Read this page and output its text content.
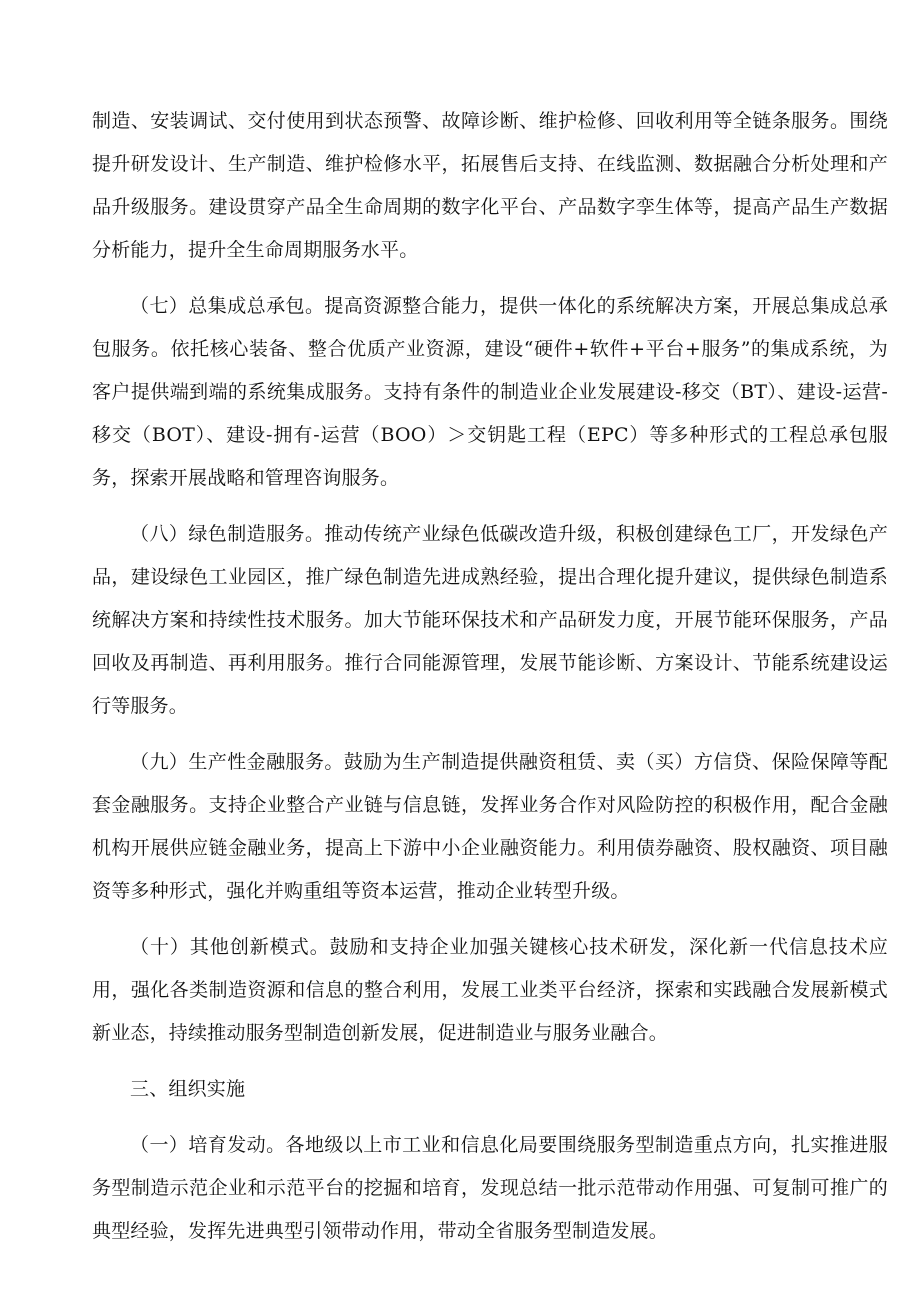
制造、安装调试、交付使用到状态预警、故障诊断、维护检修、回收利用等全链条服务。围绕提升研发设计、生产制造、维护检修水平，拓展售后支持、在线监测、数据融合分析处理和产品升级服务。建设贯穿产品全生命周期的数字化平台、产品数字孪生体等，提高产品生产数据分析能力，提升全生命周期服务水平。

（七）总集成总承包。提高资源整合能力，提供一体化的系统解决方案，开展总集成总承包服务。依托核心装备、整合优质产业资源，建设“硬件+软件+平台+服务”的集成系统，为客户提供端到端的系统集成服务。支持有条件的制造业企业发展建设-移交（BT）、建设-运营-移交（BOT）、建设-拥有-运营（BOO）＞交钥匙工程（EPC）等多种形式的工程总承包服务，探索开展战略和管理咨询服务。

（八）绿色制造服务。推动传统产业绿色低碳改造升级，积极创建绿色工厂，开发绿色产品，建设绿色工业园区，推广绿色制造先进成熟经验，提出合理化提升建议，提供绿色制造系统解决方案和持续性技术服务。加大节能环保技术和产品研发力度，开展节能环保服务，产品回收及再制造、再利用服务。推行合同能源管理，发展节能诊断、方案设计、节能系统建设运行等服务。

（九）生产性金融服务。鼓励为生产制造提供融资租赁、卖（买）方信贷、保险保障等配套金融服务。支持企业整合产业链与信息链，发挥业务合作对风险防控的积极作用，配合金融机构开展供应链金融业务，提高上下游中小企业融资能力。利用债券融资、股权融资、项目融资等多种形式，强化并购重组等资本运营，推动企业转型升级。

（十）其他创新模式。鼓励和支持企业加强关键核心技术研发，深化新一代信息技术应用，强化各类制造资源和信息的整合利用，发展工业类平台经济，探索和实践融合发展新模式新业态，持续推动服务型制造创新发展，促进制造业与服务业融合。

三、组织实施

（一）培育发动。各地级以上市工业和信息化局要围绕服务型制造重点方向，扎实推进服务型制造示范企业和示范平台的挖掘和培育，发现总结一批示范带动作用强、可复制可推广的典型经验，发挥先进典型引领带动作用，带动全省服务型制造发展。
